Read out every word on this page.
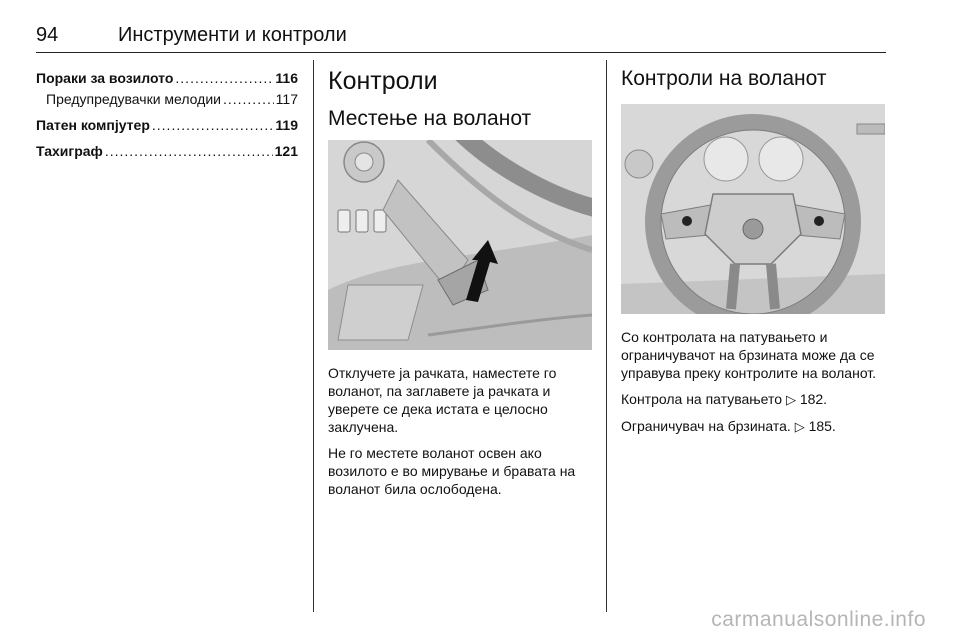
94	Инструменти и контроли
Пораки за возилото .....	116
Предупредувачки мелодии .....	117
Патен компјутер .....	119
Тахиграф .....	121
Контроли
Местење на воланот

Отклучете ја рачката, наместете го воланот, па заглавете ја рачката и уверете се дека истата е целосно заклучена.

Не го местете воланот освен ако возилото е во мирување и бравата на воланот била ослободена.

Контроли на воланот

Со контролата на патувањето и ограничувачот на брзината може да се управува преку контролите на воланот.

Контрола на патувањето ▷ 182.

Ограничувач на брзината. ▷ 185.

carmanualsonline.info
